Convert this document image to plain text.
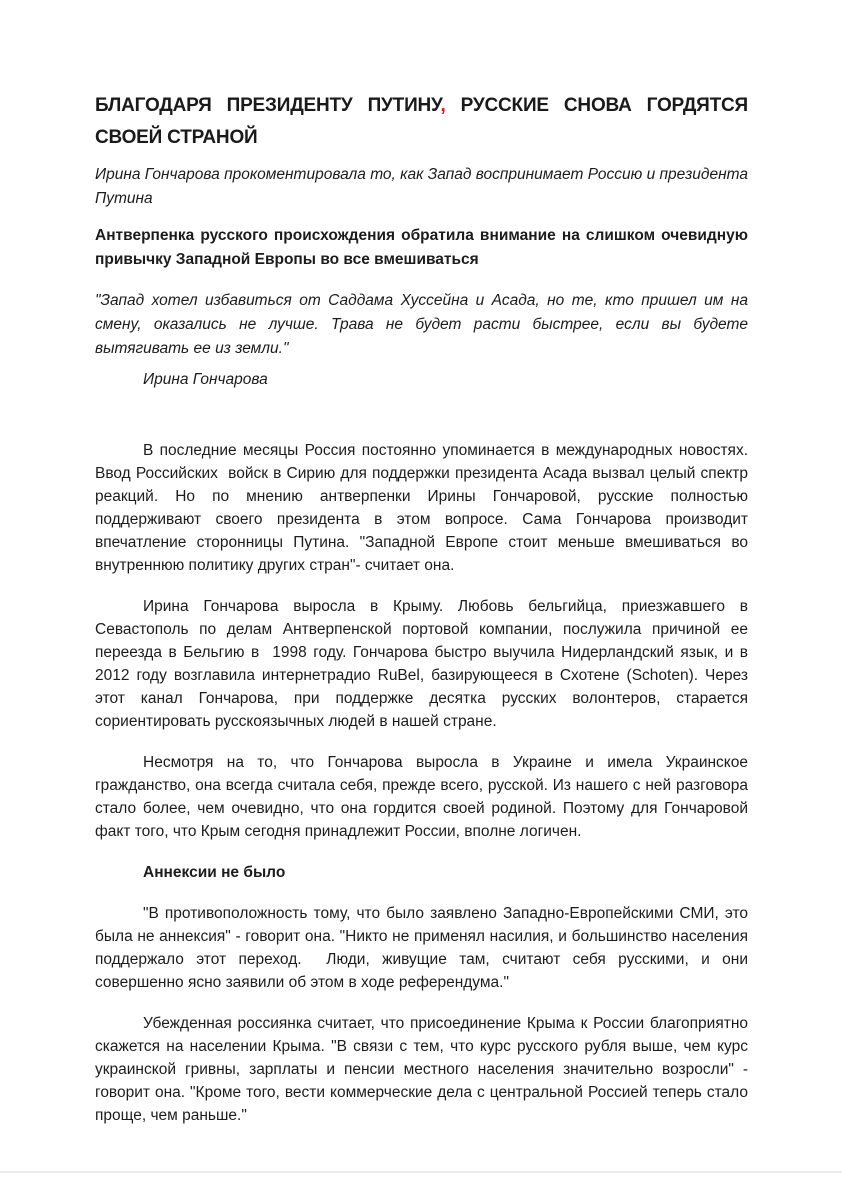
БЛАГОДАРЯ ПРЕЗИДЕНТУ ПУТИНУ, РУССКИЕ СНОВА ГОРДЯТСЯ СВОЕЙ СТРАНОЙ

Ирина Гончарова прокоментировала то, как Запад воспринимает Россию и президента Путина

Антверпенка русского происхождения обратила внимание на слишком очевидную привычку Западной Европы во все вмешиваться

"Запад хотел избавиться от Саддама Хуссейна и Асада, но те, кто пришел им на смену, оказались не лучше. Трава не будет расти быстрее, если вы будете вытягивать ее из земли."

Ирина Гончарова

В последние месяцы Россия постоянно упоминается в международных новостях. Ввод Российских  войск в Сирию для поддержки президента Асада вызвал целый спектр реакций. Но по мнению антверпенки Ирины Гончаровой, русские полностью поддерживают своего президента в этом вопросе. Сама Гончарова производит впечатление сторонницы Путина. "Западной Европе стоит меньше вмешиваться во внутреннюю политику других стран"- считает она.

Ирина Гончарова выросла в Крыму. Любовь бельгийца, приезжавшего в Севастополь по делам Антверпенской портовой компании, послужила причиной ее переезда в Бельгию в  1998 году. Гончарова быстро выучила Нидерландский язык, и в 2012 году возглавила интернетрадио RuBel, базирующееся в Схотене (Schoten). Через этот канал Гончарова, при поддержке десятка русских волонтеров, старается сориентировать русскоязычных людей в нашей стране.

Несмотря на то, что Гончарова выросла в Украине и имела Украинское гражданство, она всегда считала себя, прежде всего, русской. Из нашего с ней разговора стало более, чем очевидно, что она гордится своей родиной. Поэтому для Гончаровой факт того, что Крым сегодня принадлежит России, вполне логичен.

Аннексии не было

"В противоположность тому, что было заявлено Западно-Европейскими СМИ, это была не аннексия" - говорит она. "Никто не применял насилия, и большинство населения поддержало этот переход.  Люди, живущие там, считают себя русскими, и они совершенно ясно заявили об этом в ходе референдума."

Убежденная россиянка считает, что присоединение Крыма к России благоприятно скажется на населении Крыма. "В связи с тем, что курс русского рубля выше, чем курс украинской гривны, зарплаты и пенсии местного населения значительно возросли" - говорит она. "Кроме того, вести коммерческие дела с центральной Россией теперь стало проще, чем раньше."
